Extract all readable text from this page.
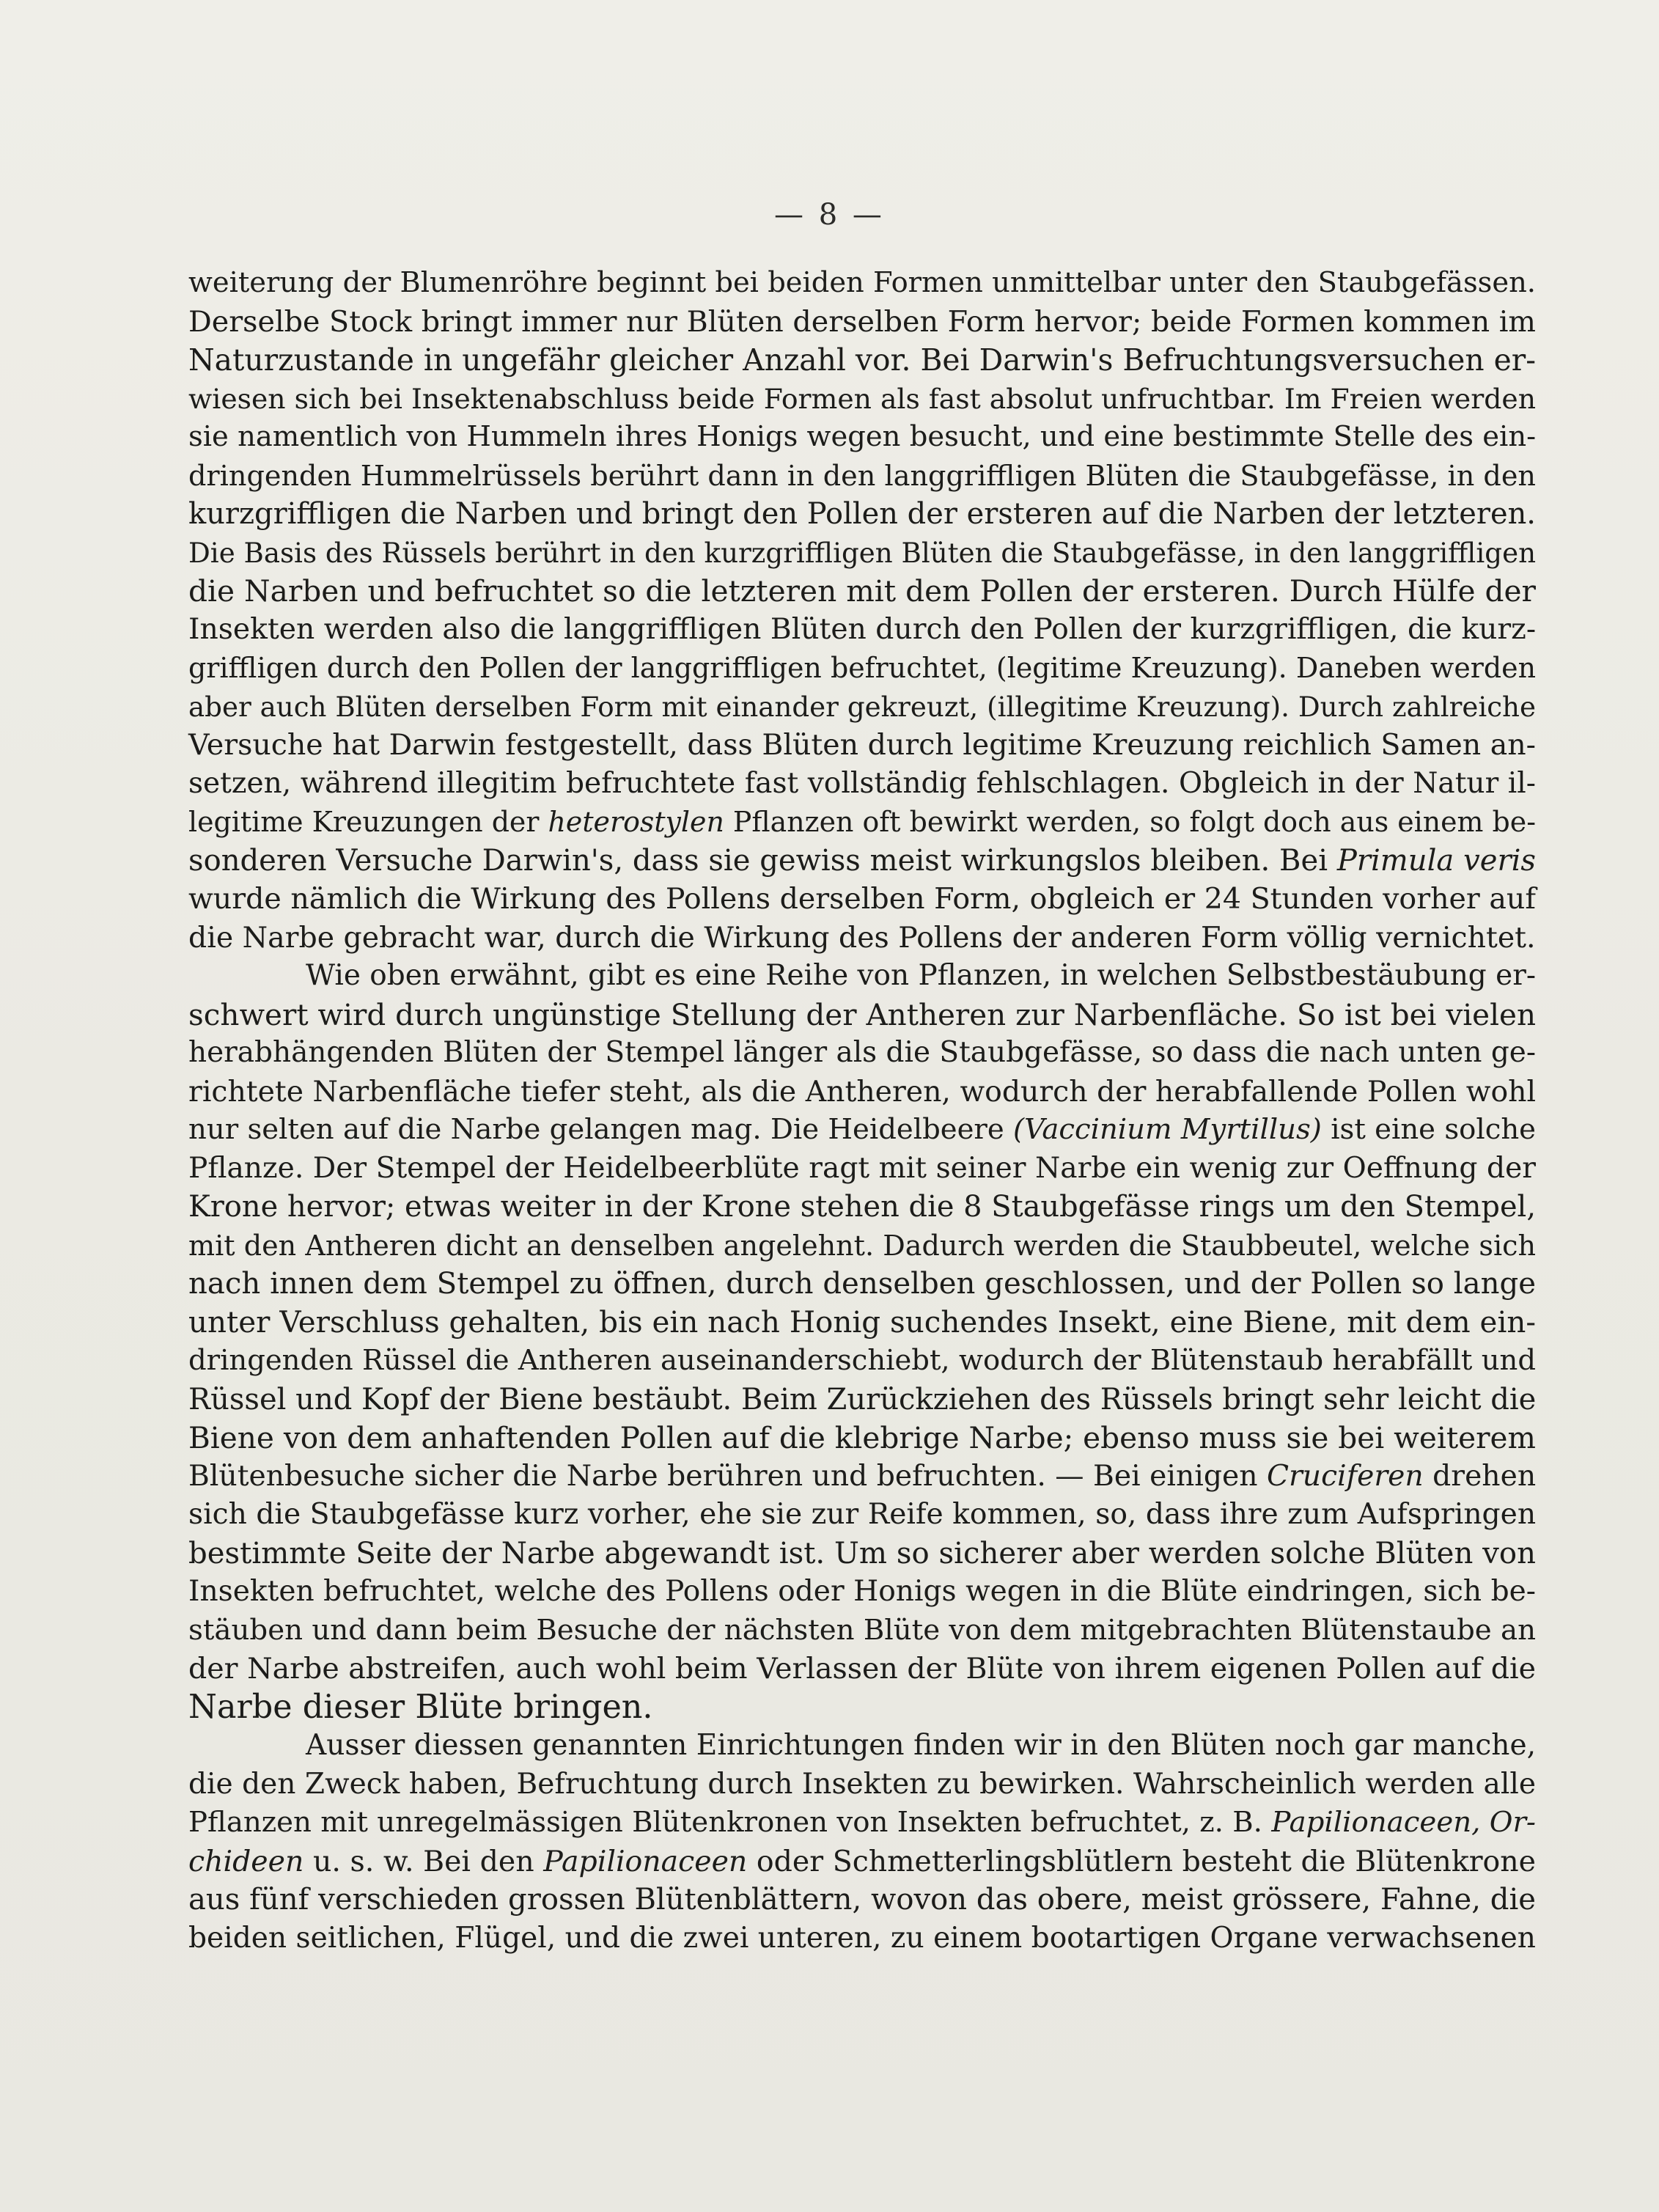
— 8 —

weiterung der Blumenröhre beginnt bei beiden Formen unmittelbar unter den Staubgefässen.
Derselbe Stock bringt immer nur Blüten derselben Form hervor; beide Formen kommen im
Naturzustande in ungefähr gleicher Anzahl vor. Bei Darwin's Befruchtungsversuchen er-
wiesen sich bei Insektenabschluss beide Formen als fast absolut unfruchtbar. Im Freien werden
sie namentlich von Hummeln ihres Honigs wegen besucht, und eine bestimmte Stelle des ein-
dringenden Hummelrüssels berührt dann in den langgriffligen Blüten die Staubgefässe, in den
kurzgriffligen die Narben und bringt den Pollen der ersteren auf die Narben der letzteren.
Die Basis des Rüssels berührt in den kurzgriffligen Blüten die Staubgefässe, in den langgriffligen
die Narben und befruchtet so die letzteren mit dem Pollen der ersteren. Durch Hülfe der
Insekten werden also die langgriffligen Blüten durch den Pollen der kurzgriffligen, die kurz-
griffligen durch den Pollen der langgriffligen befruchtet, (legitime Kreuzung). Daneben werden
aber auch Blüten derselben Form mit einander gekreuzt, (illegitime Kreuzung). Durch zahlreiche
Versuche hat Darwin festgestellt, dass Blüten durch legitime Kreuzung reichlich Samen an-
setzen, während illegitim befruchtete fast vollständig fehlschlagen. Obgleich in der Natur il-
legitime Kreuzungen der heterostylen Pflanzen oft bewirkt werden, so folgt doch aus einem be-
sonderen Versuche Darwin's, dass sie gewiss meist wirkungslos bleiben. Bei Primula veris
wurde nämlich die Wirkung des Pollens derselben Form, obgleich er 24 Stunden vorher auf
die Narbe gebracht war, durch die Wirkung des Pollens der anderen Form völlig vernichtet.

Wie oben erwähnt, gibt es eine Reihe von Pflanzen, in welchen Selbstbestäubung er-
schwert wird durch ungünstige Stellung der Antheren zur Narbenfläche. So ist bei vielen
herabhängenden Blüten der Stempel länger als die Staubgefässe, so dass die nach unten ge-
richtete Narbenfläche tiefer steht, als die Antheren, wodurch der herabfallende Pollen wohl
nur selten auf die Narbe gelangen mag. Die Heidelbeere (Vaccinium Myrtillus) ist eine solche
Pflanze. Der Stempel der Heidelbeerblüte ragt mit seiner Narbe ein wenig zur Oeffnung der
Krone hervor; etwas weiter in der Krone stehen die 8 Staubgefässe rings um den Stempel,
mit den Antheren dicht an denselben angelehnt. Dadurch werden die Staubbeutel, welche sich
nach innen dem Stempel zu öffnen, durch denselben geschlossen, und der Pollen so lange
unter Verschluss gehalten, bis ein nach Honig suchendes Insekt, eine Biene, mit dem ein-
dringenden Rüssel die Antheren auseinanderschiebt, wodurch der Blütenstaub herabfällt und
Rüssel und Kopf der Biene bestäubt. Beim Zurückziehen des Rüssels bringt sehr leicht die
Biene von dem anhaftenden Pollen auf die klebrige Narbe; ebenso muss sie bei weiterem
Blütenbesuche sicher die Narbe berühren und befruchten. — Bei einigen Cruciferen drehen
sich die Staubgefässe kurz vorher, ehe sie zur Reife kommen, so, dass ihre zum Aufspringen
bestimmte Seite der Narbe abgewandt ist. Um so sicherer aber werden solche Blüten von
Insekten befruchtet, welche des Pollens oder Honigs wegen in die Blüte eindringen, sich be-
stäuben und dann beim Besuche der nächsten Blüte von dem mitgebrachten Blütenstaube an
der Narbe abstreifen, auch wohl beim Verlassen der Blüte von ihrem eigenen Pollen auf die
Narbe dieser Blüte bringen.

Ausser diessen genannten Einrichtungen finden wir in den Blüten noch gar manche,
die den Zweck haben, Befruchtung durch Insekten zu bewirken. Wahrscheinlich werden alle
Pflanzen mit unregelmässigen Blütenkronen von Insekten befruchtet, z. B. Papilionaceen, Or-
chideen u. s. w. Bei den Papilionaceen oder Schmetterlingsblütlern besteht die Blütenkrone
aus fünf verschieden grossen Blütenblättern, wovon das obere, meist grössere, Fahne, die
beiden seitlichen, Flügel, und die zwei unteren, zu einem bootartigen Organe verwachsenen
